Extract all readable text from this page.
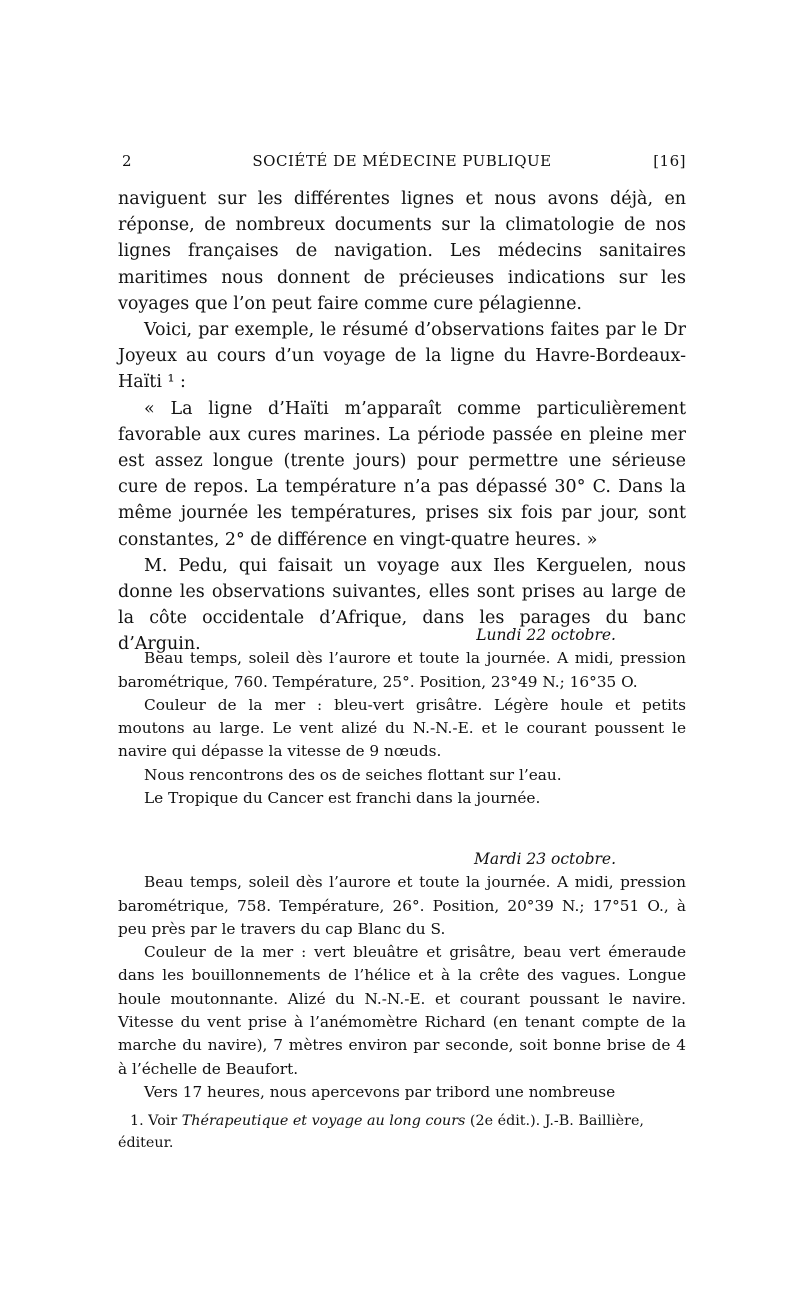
2	SOCIÉTÉ DE MÉDECINE PUBLIQUE	[16]

naviguent sur les différentes lignes et nous avons déjà, en réponse, de nombreux documents sur la climatologie de nos lignes françaises de navigation. Les médecins sanitaires maritimes nous donnent de précieuses indications sur les voyages que l’on peut faire comme cure pélagienne.

Voici, par exemple, le résumé d’observations faites par le Dr Joyeux au cours d’un voyage de la ligne du Havre-Bordeaux-Haïti ¹ :

« La ligne d’Haïti m’apparaît comme particulièrement favorable aux cures marines. La période passée en pleine mer est assez longue (trente jours) pour permettre une sérieuse cure de repos. La température n’a pas dépassé 30° C. Dans la même journée les températures, prises six fois par jour, sont constantes, 2° de différence en vingt-quatre heures. »

M. Pedu, qui faisait un voyage aux Iles Kerguelen, nous donne les observations suivantes, elles sont prises au large de la côte occidentale d’Afrique, dans les parages du banc d’Arguin.	Lundi 22 octobre.

Beau temps, soleil dès l’aurore et toute la journée. A midi, pression barométrique, 760. Température, 25°. Position, 23°49 N.; 16°35 O.

Couleur de la mer : bleu-vert grisâtre. Légère houle et petits moutons au large. Le vent alizé du N.-N.-E. et le courant poussent le navire qui dépasse la vitesse de 9 nœuds.

Nous rencontrons des os de seiches flottant sur l’eau.

Le Tropique du Cancer est franchi dans la journée.

Mardi 23 octobre.

Beau temps, soleil dès l’aurore et toute la journée. A midi, pression barométrique, 758. Température, 26°. Position, 20°39 N.; 17°51 O., à peu près par le travers du cap Blanc du S.

Couleur de la mer : vert bleuâtre et grisâtre, beau vert émeraude dans les bouillonnements de l’hélice et à la crête des vagues. Longue houle moutonnante. Alizé du N.-N.-E. et courant poussant le navire. Vitesse du vent prise à l’anémomètre Richard (en tenant compte de la marche du navire), 7 mètres environ par seconde, soit bonne brise de 4 à l’échelle de Beaufort.

Vers 17 heures, nous apercevons par tribord une nombreuse

1. Voir Thérapeutique et voyage au long cours (2e édit.). J.-B. Baillière, éditeur.
